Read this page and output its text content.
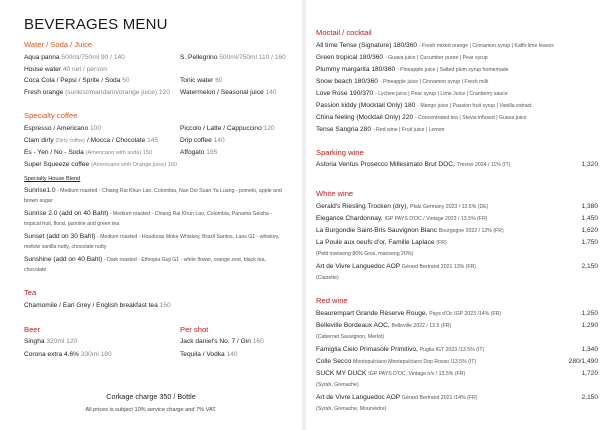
BEVERAGES MENU
Water / Soda / Juice
Aqua panna 500ml/750ml 90 / 140	S. Pellegrino 500ml/750ml 110 / 160
House water 40 net / person
Coca Cola / Pepsi / Sprite / Soda 50	Tonic water 60
Fresh orange (sunkist/mandarin/orange juice) 120 Watermelon / Seasonal juice 140
Specialty coffee
Espresso / Americano 100	Piccolo / Latte / Cappuccino 120
Clam dirty (Dirty coffee) / Mocca / Chocolate 145	Drip coffee 140
Es - Yen / No - Soda (Americano with soda) 150	Affogato 185
Super Squeeze coffee (Americano with Orange juice) 160
Specialty House Blend
Sunrise1.0 - Medium roasted - Chiang Rai Khun Lao, Colombia, Nan Doi Suan Ya Luang - pomelo, apple and brown sugar
Sunrise 2.0 (add on 40 Baht) - Medium roasted - Chiang Rai Khun Lao, Colombia, Panama Geisha - tropical fruit, floral, jasmine and green tea
Sunset (add on 30 Baht) - Medium roasted - Houduras Moke Whiskey, Brazil Santos, Laos G1 - whiskey, mellow vanilla nutty, chocolate nutty
Sunshine (add on 40 Baht) - Dark roasted - Ethiopia Guji G1 - white flower, orange zest, black tea, chocolate
Tea
Chamomile / Earl Grey / English breakfast tea 150
Beer
Singha 320ml 120
Corona extra 4.6% 330ml 180
Per shot
Jack daniel's No. 7 / Gin 160
Tequila / Vodka 140
Corkage charge 350 / Bottle
All prices is subject 10% service charge and 7% VAT.
Moctail / cocktail
All time Tense (Signature) 180/360 - Fresh mixed orange | Cinnamon syrup | Kaffir lime leaves
Green tropical 180/360 - Guava juice | Cucumber puree | Pear syrup
Plummy margarita 180/360 - Pineapple juice | Salted plum syrup homemade
Snow beach 180/360 - Pineapple juice | Cinnamon syrup | Fresh milk
Love Rose 190/370 - Lychee juice | Pear syrup | Lime Juice | Cranberry sauce
Passion kiddy (Mocktail Only) 180 - Mango juice | Passion fruit syrup | Vanilla extract
China feeling (Mocktail Only) 220 - Concentrated tea | Stevia infused | Guava juice
Tense Sangria 280 - Red wine | Fruit juice | Lemon
Sparking wine
Astoria Ventus Prosecco Millesimato Brut DOC, Treviso 2024 / 11% (IT)	1,320
White wine
Gerald's Riesling Trocken (dry), Pfalz Germany 2023 / 12.5% (DE)	1,380
Elegance Chardonnay, IGP PAYS D'OC / Vintage 2023 / 13.5% (FR)	1,450
La Burgondie Saint-Bris Sauvignon Blanc Bourgogne 2022 / 12% (FR)	1,620
La Poule aux oeufs d'or, Famille Laplace (FR)	1,750
(Petit manseng 80% Gros, manseng 20%)
Art de Vivre Languedoc AOP Gérard Bertrand 2021 13% (FR)	2,150
(Clairette)
Red wine
Beaurempart Grande Réserve Rouge, Pays d'Oc IGP 2023 /14% (FR)	1,250
Belleville Bordeaux AOC, Belleville 2022 / 13.5 (FR)	1,290
(Cabernet Sauvignon, Merlot)
Famiglia Cielo Primasole Primitivo, Puglia IGT 2023 /13.5% (IT)	1,340
Colle Secco Montepulciano Montepulciano Dop Rosso /13.5% (IT)	280/1,490
SUCK MY DUCK IGP PAYS D'OC, Vintage n/v / 13.5% (FR)	1,720
(Syrah, Grenache)
Art de Vivre Languedoc AOP Gérard Bertrand 2021 /14% (FR)	2,150
(Syrah, Grenache, Mourvèdre)
